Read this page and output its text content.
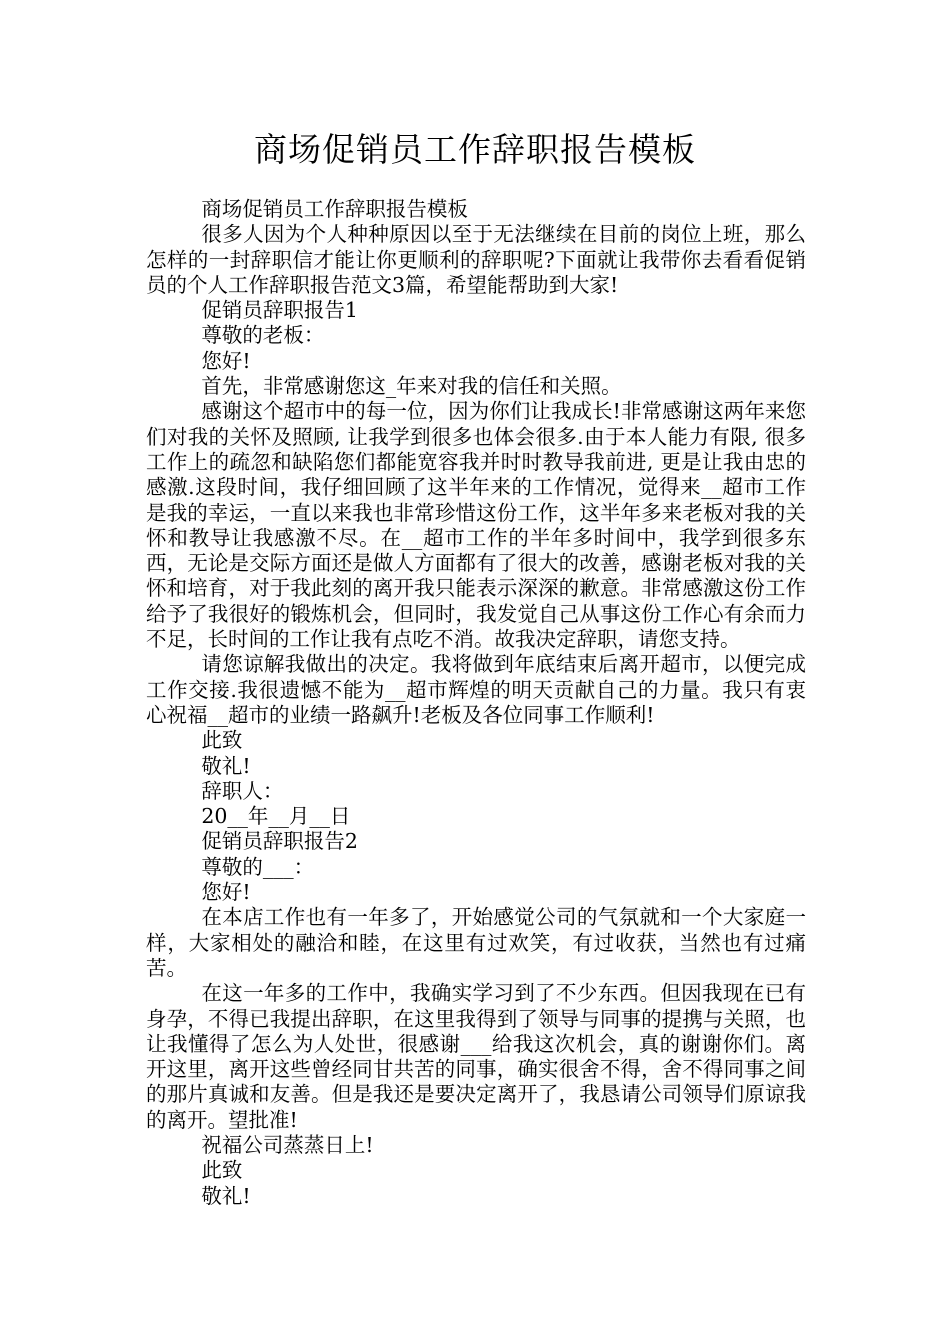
商场促销员工作辞职报告模板

商场促销员工作辞职报告模板

很多人因为个人种种原因以至于无法继续在目前的岗位上班，那么怎样的一封辞职信才能让你更顺利的辞职呢?下面就让我带你去看看促销员的个人工作辞职报告范文3篇，希望能帮助到大家!

促销员辞职报告1

尊敬的老板：

您好!

首先，非常感谢您这_年来对我的信任和关照。

感谢这个超市中的每一位，因为你们让我成长!非常感谢这两年来您们对我的关怀及照顾, 让我学到很多也体会很多.由于本人能力有限, 很多工作上的疏忽和缺陷您们都能宽容我并时时教导我前进, 更是让我由忠的感激.这段时间，我仔细回顾了这半年来的工作情况，觉得来__超市工作是我的幸运，一直以来我也非常珍惜这份工作，这半年多来老板对我的关怀和教导让我感激不尽。在__超市工作的半年多时间中，我学到很多东西，无论是交际方面还是做人方面都有了很大的改善，感谢老板对我的关怀和培育，对于我此刻的离开我只能表示深深的歉意。非常感激这份工作给予了我很好的锻炼机会，但同时，我发觉自己从事这份工作心有余而力不足，长时间的工作让我有点吃不消。故我决定辞职，请您支持。

请您谅解我做出的决定。我将做到年底结束后离开超市，以便完成工作交接.我很遗憾不能为__超市辉煌的明天贡献自己的力量。我只有衷心祝福__超市的业绩一路飙升!老板及各位同事工作顺利!

此致

敬礼!

辞职人：

20__年__月__日

促销员辞职报告2

尊敬的___：

您好!

在本店工作也有一年多了，开始感觉公司的气氛就和一个大家庭一样，大家相处的融洽和睦，在这里有过欢笑，有过收获，当然也有过痛苦。

在这一年多的工作中，我确实学习到了不少东西。但因我现在已有身孕，不得已我提出辞职，在这里我得到了领导与同事的提携与关照，也让我懂得了怎么为人处世，很感谢___给我这次机会，真的谢谢你们。离开这里，离开这些曾经同甘共苦的同事，确实很舍不得，舍不得同事之间的那片真诚和友善。但是我还是要决定离开了，我恳请公司领导们原谅我的离开。望批准!

祝福公司蒸蒸日上!

此致

敬礼!
